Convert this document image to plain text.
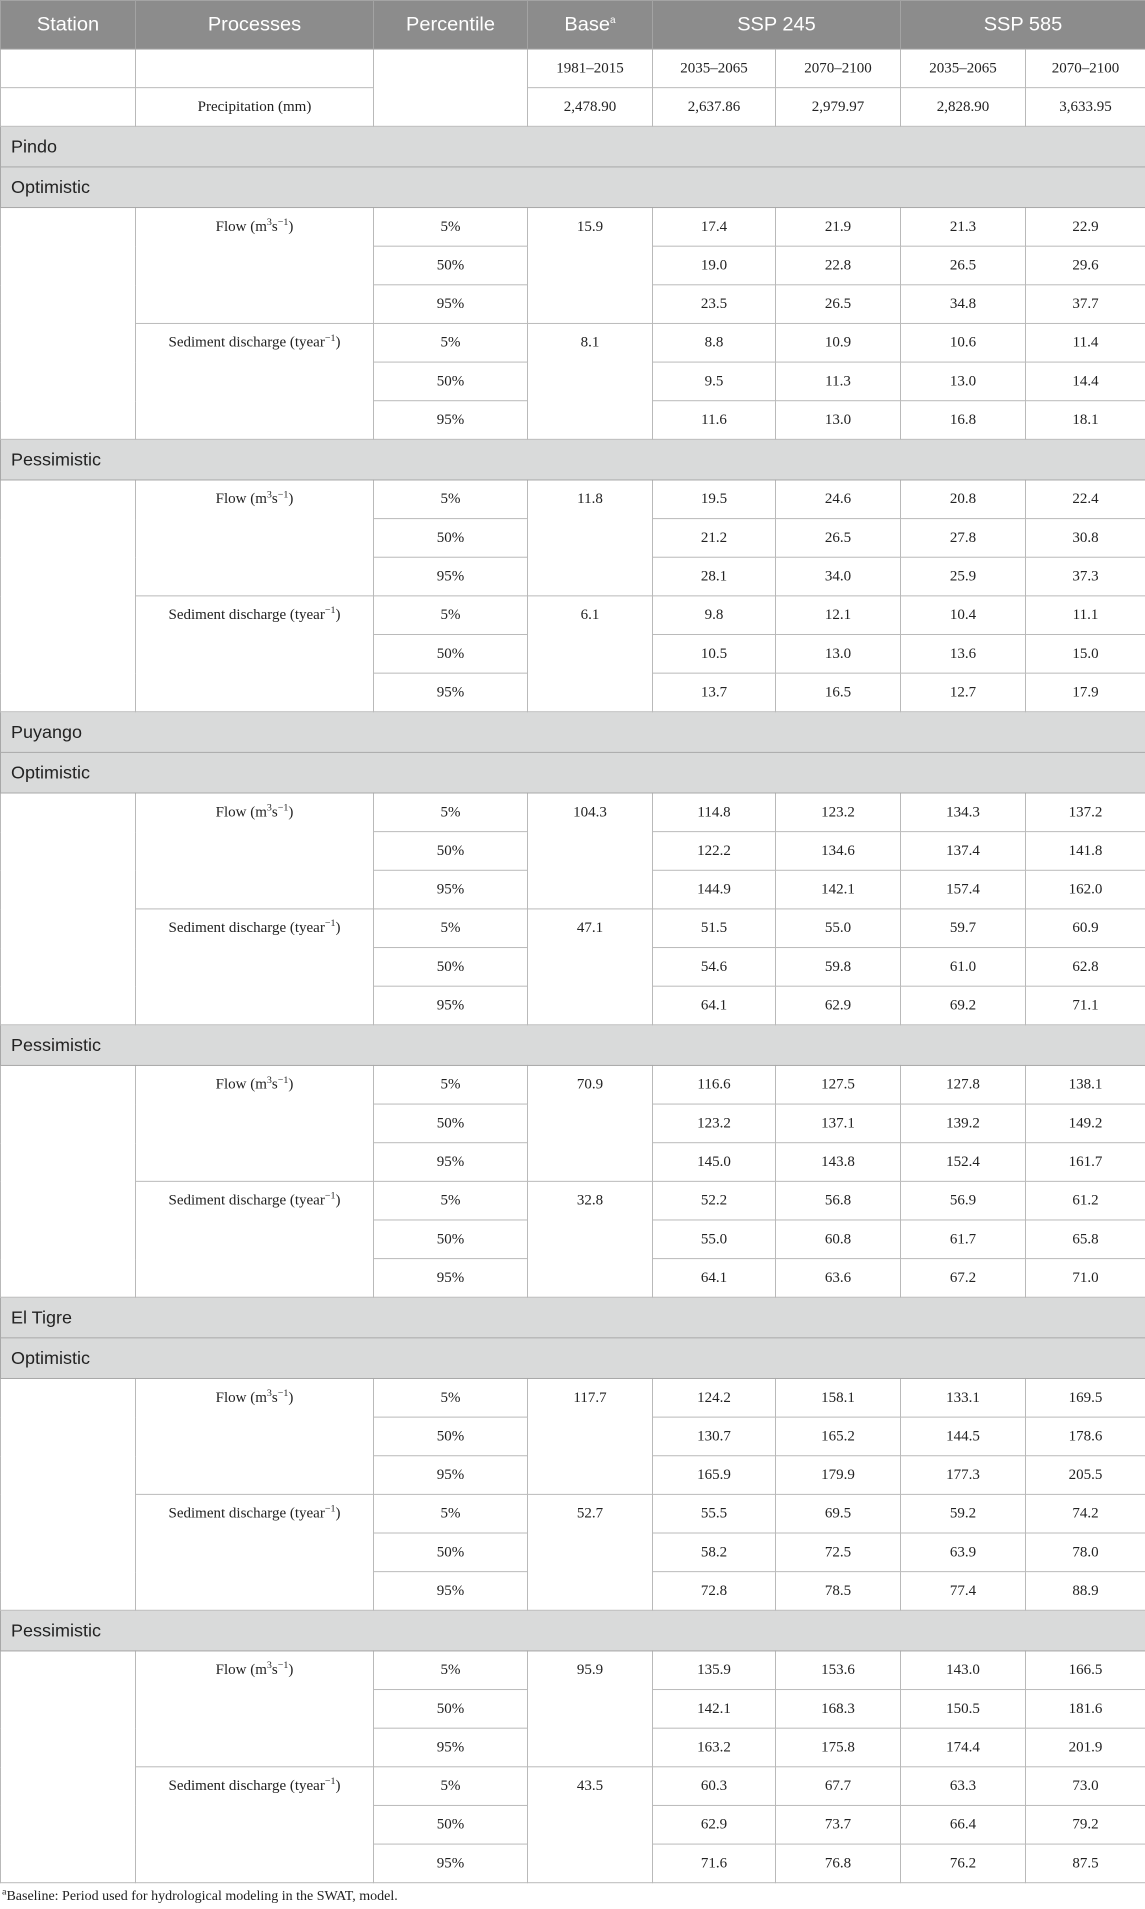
Station	Processes	Percentile	Base$^a$	SSP 245		SSP 585	
			1981–2015	2035–2065	2070–2100	2035–2065	2070–2100
	Precipitation (mm)		2,478.90	2,637.86	2,979.97	2,828.90	3,633.95
Pindo							
Optimistic							
	Flow $(m^3s^{-1})$	5%	15.9	17.4	21.9	21.3	22.9
		50%		19.0	22.8	26.5	29.6
		95%		23.5	26.5	34.8	37.7
	Sediment discharge (tyear$^{-1}$)	5%	8.1	8.8	10.9	10.6	11.4
		50%		9.5	11.3	13.0	14.4
		95%		11.6	13.0	16.8	18.1
Pessimistic							
	Flow $(m^3s^{-1})$	5%	11.8	19.5	24.6	20.8	22.4
		50%		21.2	26.5	27.8	30.8
		95%		28.1	34.0	25.9	37.3
	Sediment discharge (tyear$^{-1}$)	5%	6.1	9.8	12.1	10.4	11.1
		50%		10.5	13.0	13.6	15.0
		95%		13.7	16.5	12.7	17.9
Puyango							
Optimistic							
	Flow $(m^3s^{-1})$	5%	104.3	114.8	123.2	134.3	137.2
		50%		122.2	134.6	137.4	141.8
		95%		144.9	142.1	157.4	162.0
	Sediment discharge (tyear$^{-1}$)	5%	47.1	51.5	55.0	59.7	60.9
		50%		54.6	59.8	61.0	62.8
		95%		64.1	62.9	69.2	71.1
Pessimistic							
	Flow $(m^3s^{-1})$	5%	70.9	116.6	127.5	127.8	138.1
		50%		123.2	137.1	139.2	149.2
		95%		145.0	143.8	152.4	161.7
	Sediment discharge (tyear$^{-1}$)	5%	32.8	52.2	56.8	56.9	61.2
		50%		55.0	60.8	61.7	65.8
		95%		64.1	63.6	67.2	71.0
El Tigre							
Optimistic							
	Flow $(m^3s^{-1})$	5%	117.7	124.2	158.1	133.1	169.5
		50%		130.7	165.2	144.5	178.6
		95%		165.9	179.9	177.3	205.5
	Sediment discharge (tyear$^{-1}$)	5%	52.7	55.5	69.5	59.2	74.2
		50%		58.2	72.5	63.9	78.0
		95%		72.8	78.5	77.4	88.9
Pessimistic							
	Flow $(m^3s^{-1})$	5%	95.9	135.9	153.6	143.0	166.5
		50%		142.1	168.3	150.5	181.6
		95%		163.2	175.8	174.4	201.9
	Sediment discharge (tyear$^{-1}$)	5%	43.5	60.3	67.7	63.3	73.0
		50%		62.9	73.7	66.4	79.2
		95%		71.6	76.8	76.2	87.5
$^a$Baseline: Period used for hydrological modeling in the SWAT, model.
